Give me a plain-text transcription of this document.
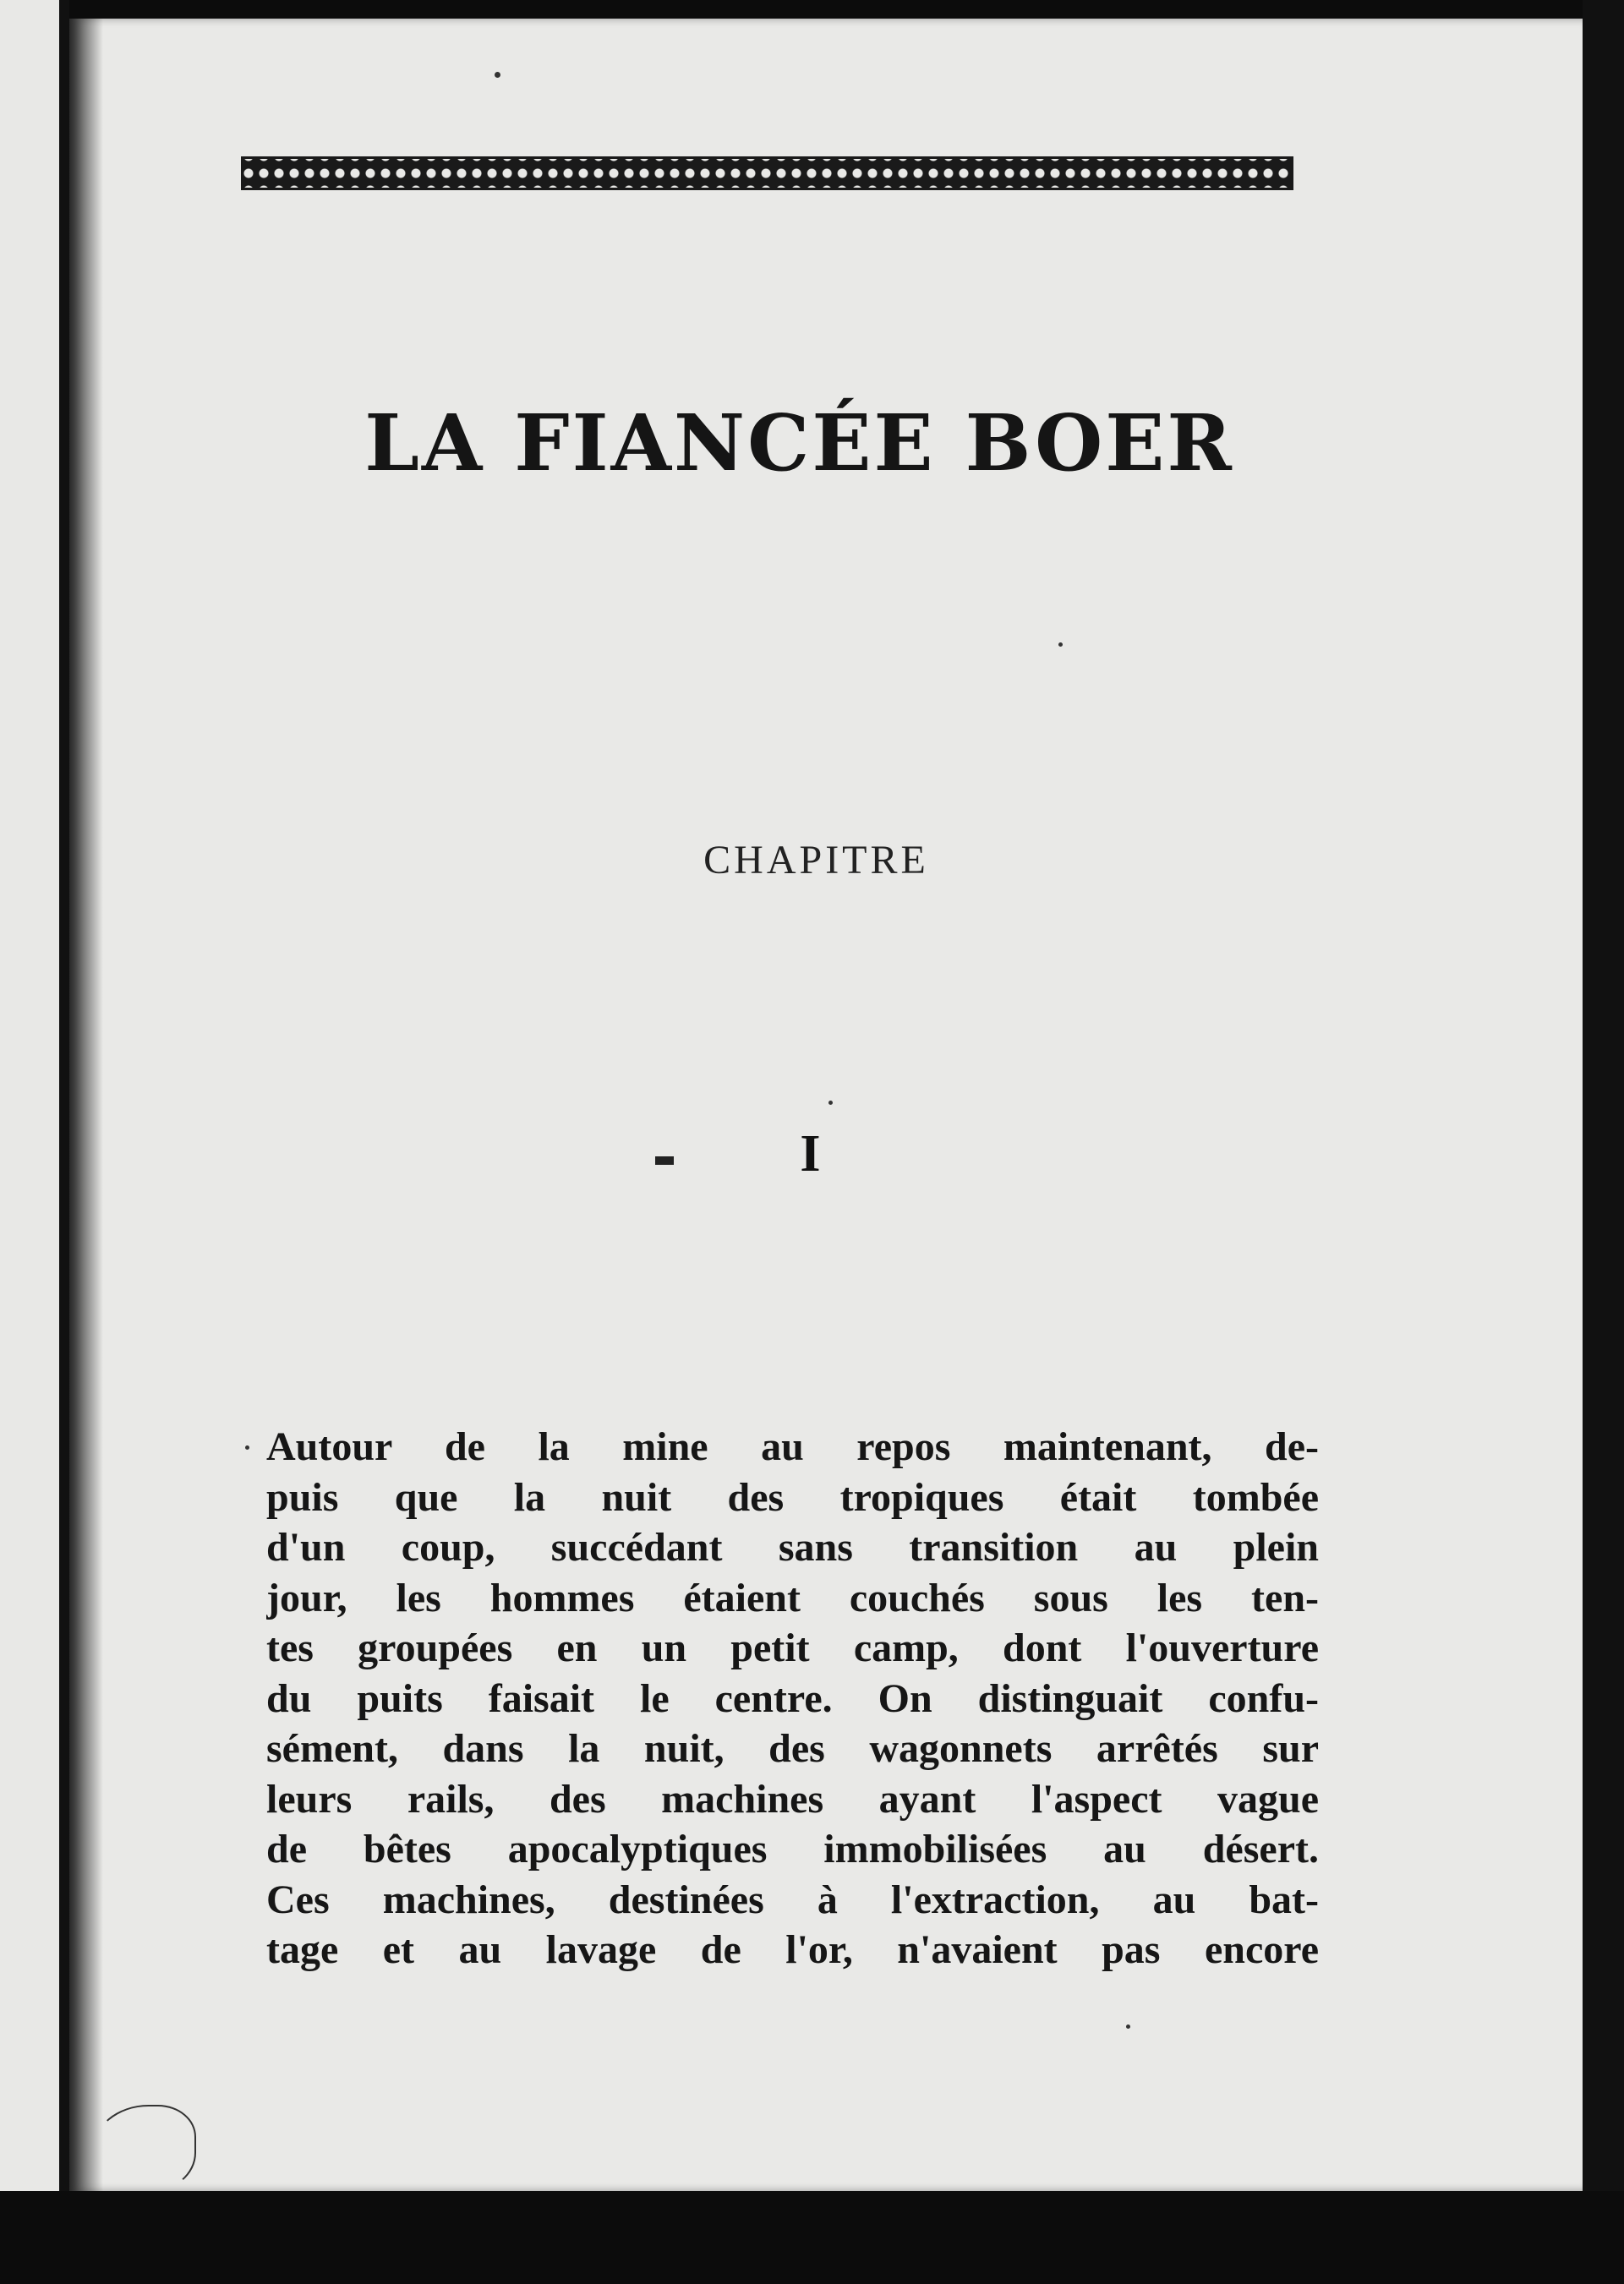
LA FIANCÉE BOER
CHAPITRE
I
Autour de la mine au repos maintenant, de-
puis que la nuit des tropiques était tombée
d'un coup, succédant sans transition au plein
jour, les hommes étaient couchés sous les ten-
tes groupées en un petit camp, dont l'ouverture
du puits faisait le centre. On distinguait confu-
sément, dans la nuit, des wagonnets arrêtés sur
leurs rails, des machines ayant l'aspect vague
de bêtes apocalyptiques immobilisées au désert.
Ces machines, destinées à l'extraction, au bat-
tage et au lavage de l'or, n'avaient pas encore
